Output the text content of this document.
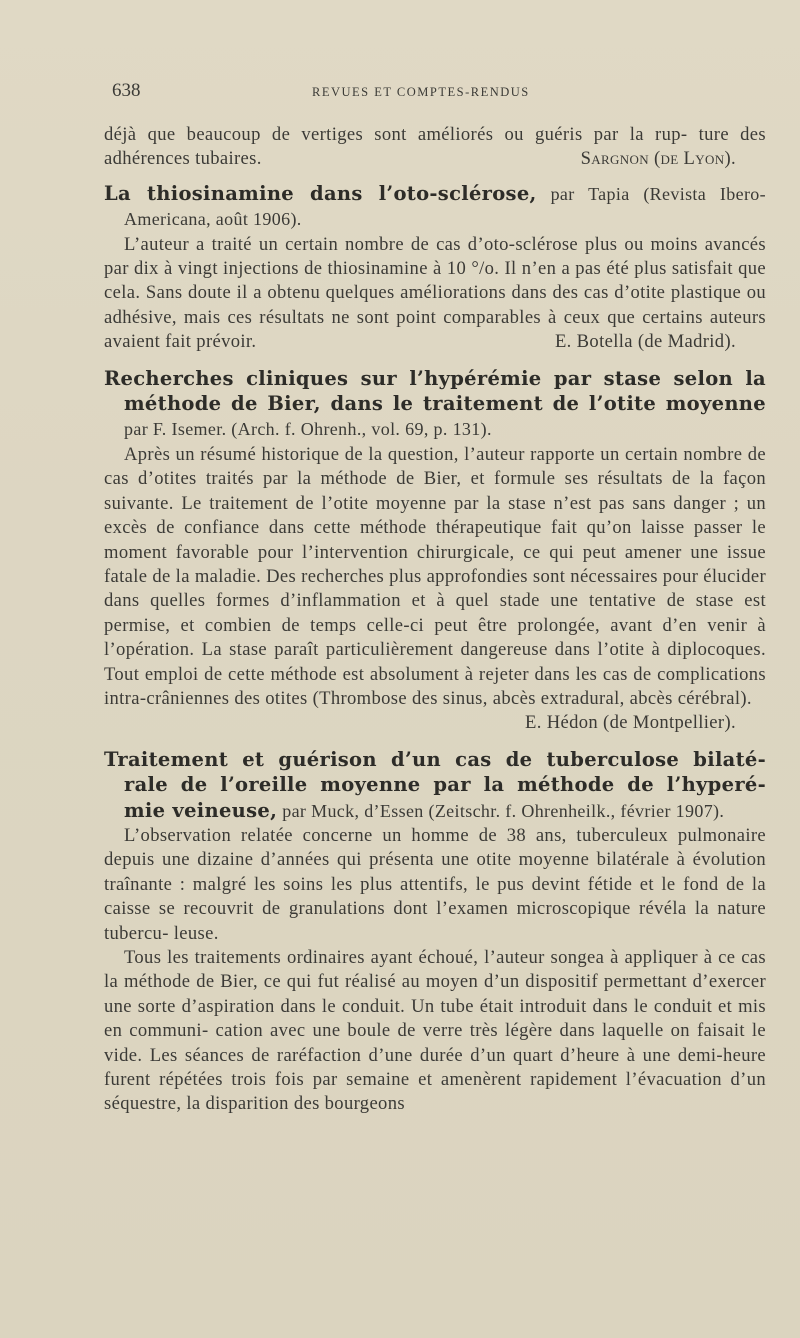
638	REVUES ET COMPTES-RENDUS

déjà que beaucoup de vertiges sont améliorés ou guéris par la rup- ture des adhérences tubaires.	Sargnon (de Lyon).

La thiosinamine dans l’oto-sclérose, par Tapia (Revista Ibero-Americana, août 1906).

L’auteur a traité un certain nombre de cas d’oto-sclérose plus ou moins avancés par dix à vingt injections de thiosinamine à 10 °/o. Il n’en a pas été plus satisfait que cela. Sans doute il a obtenu quelques améliorations dans des cas d’otite plastique ou adhésive, mais ces résultats ne sont point comparables à ceux que certains auteurs avaient fait prévoir.	E. Botella (de Madrid).

Recherches cliniques sur l’hypérémie par stase selon la méthode de Bier, dans le traitement de l’otite moyenne par F. Isemer. (Arch. f. Ohrenh., vol. 69, p. 131).

Après un résumé historique de la question, l’auteur rapporte un certain nombre de cas d’otites traités par la méthode de Bier, et formule ses résultats de la façon suivante. Le traitement de l’otite moyenne par la stase n’est pas sans danger ; un excès de confiance dans cette méthode thérapeutique fait qu’on laisse passer le moment favorable pour l’intervention chirurgicale, ce qui peut amener une issue fatale de la maladie. Des recherches plus approfondies sont nécessaires pour élucider dans quelles formes d’inflammation et à quel stade une tentative de stase est permise, et combien de temps celle-ci peut être prolongée, avant d’en venir à l’opération. La stase paraît particulièrement dangereuse dans l’otite à diplocoques. Tout emploi de cette méthode est absolument à rejeter dans les cas de complications intra-crâniennes des otites (Thrombose des sinus, abcès extradural, abcès cérébral).
E. Hédon (de Montpellier).

Traitement et guérison d’un cas de tuberculose bilaté- rale de l’oreille moyenne par la méthode de l’hyperé- mie veineuse, par Muck, d’Essen (Zeitschr. f. Ohrenheilk., février 1907).

L’observation relatée concerne un homme de 38 ans, tuberculeux pulmonaire depuis une dizaine d’années qui présenta une otite moyenne bilatérale à évolution traînante : malgré les soins les plus attentifs, le pus devint fétide et le fond de la caisse se recouvrit de granulations dont l’examen microscopique révéla la nature tubercu- leuse.

Tous les traitements ordinaires ayant échoué, l’auteur songea à appliquer à ce cas la méthode de Bier, ce qui fut réalisé au moyen d’un dispositif permettant d’exercer une sorte d’aspiration dans le conduit. Un tube était introduit dans le conduit et mis en communi- cation avec une boule de verre très légère dans laquelle on faisait le vide. Les séances de raréfaction d’une durée d’un quart d’heure à une demi-heure furent répétées trois fois par semaine et amenèrent rapidement l’évacuation d’un séquestre, la disparition des bourgeons
